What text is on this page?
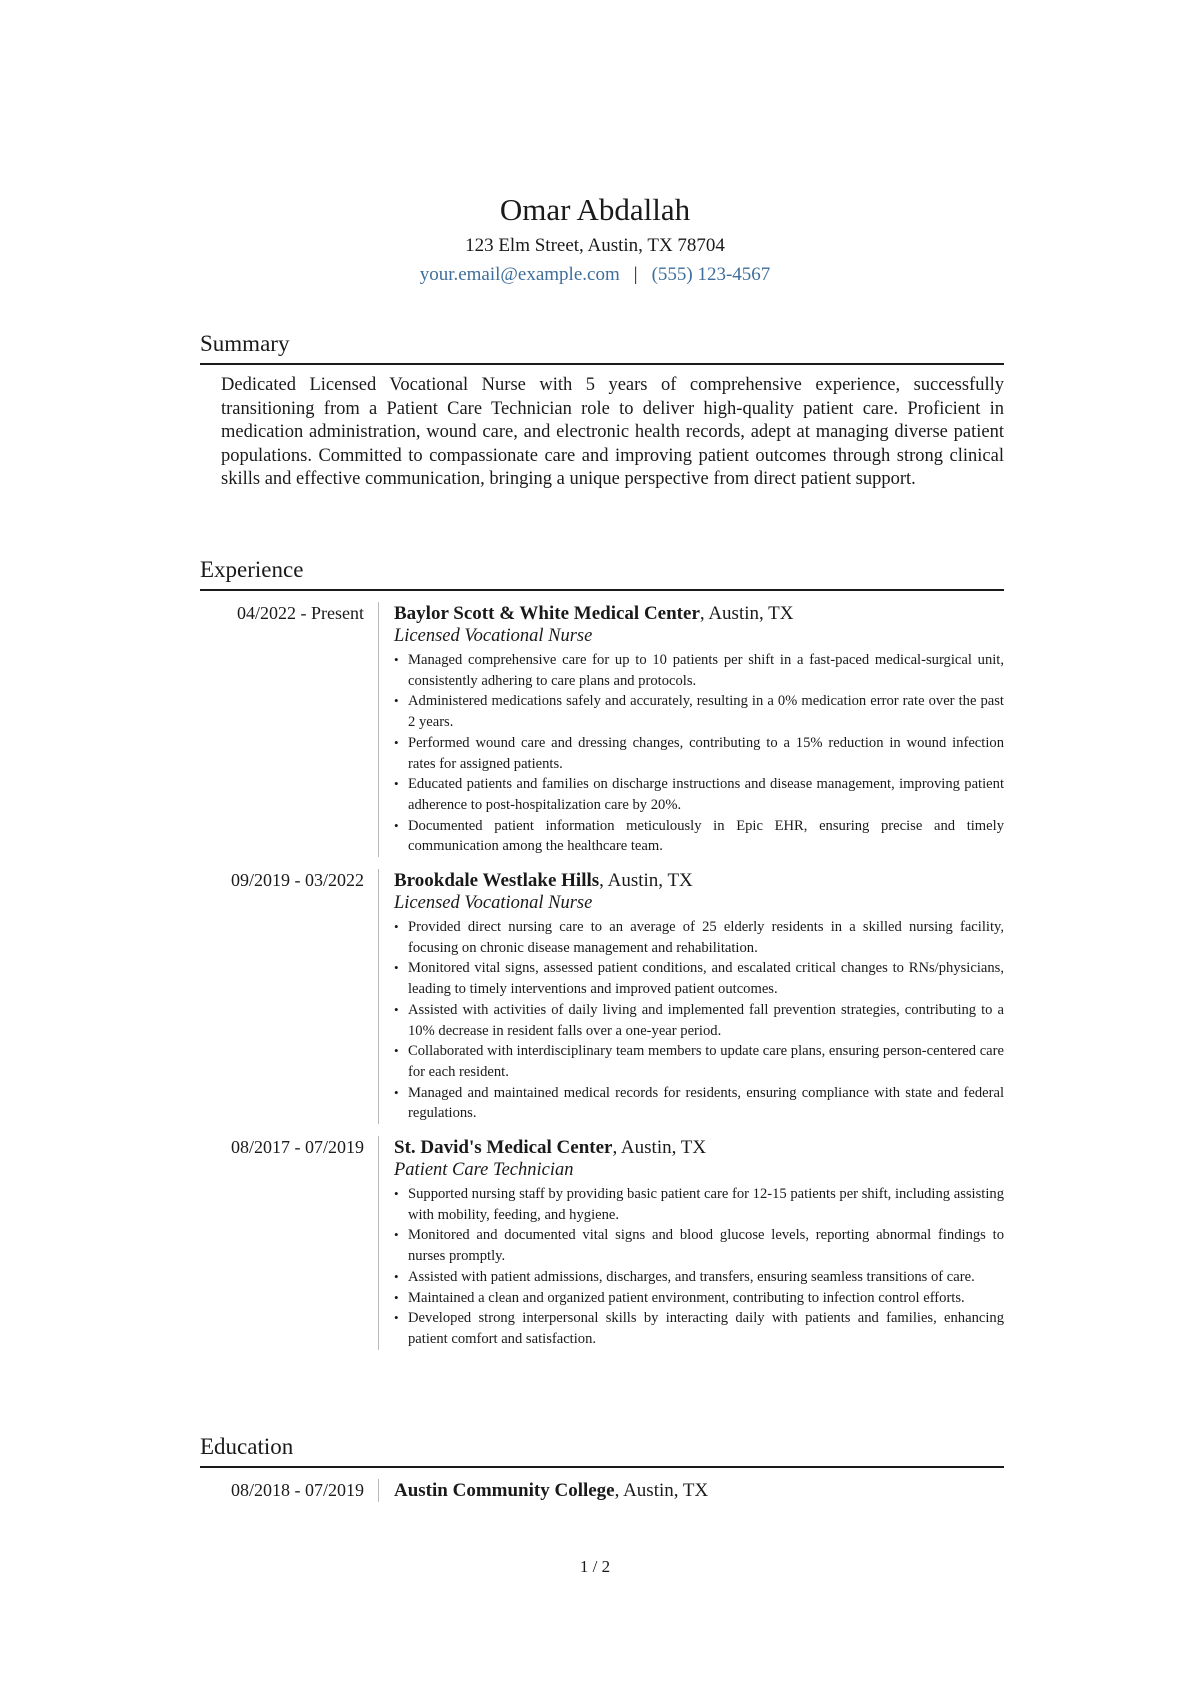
Omar Abdallah
123 Elm Street, Austin, TX 78704
your.email@example.com | (555) 123-4567
Summary

Dedicated Licensed Vocational Nurse with 5 years of comprehensive experience, successfully transitioning from a Patient Care Technician role to deliver high-quality patient care. Proficient in medication administration, wound care, and electronic health records, adept at managing diverse patient populations. Committed to compassionate care and improving patient outcomes through strong clinical skills and effective communication, bringing a unique perspective from direct patient support.

Experience
04/2022 - Present	Baylor Scott & White Medical Center, Austin, TX
Licensed Vocational Nurse
• Managed comprehensive care for up to 10 patients per shift in a fast-paced medical-surgical unit, consistently adhering to care plans and protocols.
• Administered medications safely and accurately, resulting in a 0% medication error rate over the past 2 years.
• Performed wound care and dressing changes, contributing to a 15% reduction in wound infection rates for assigned patients.
• Educated patients and families on discharge instructions and disease management, improving patient adherence to post-hospitalization care by 20%.
• Documented patient information meticulously in Epic EHR, ensuring precise and timely communication among the healthcare team.
09/2019 - 03/2022	Brookdale Westlake Hills, Austin, TX
Licensed Vocational Nurse
• Provided direct nursing care to an average of 25 elderly residents in a skilled nursing facility, focusing on chronic disease management and rehabilitation.
• Monitored vital signs, assessed patient conditions, and escalated critical changes to RNs/physicians, leading to timely interventions and improved patient outcomes.
• Assisted with activities of daily living and implemented fall prevention strategies, contributing to a 10% decrease in resident falls over a one-year period.
• Collaborated with interdisciplinary team members to update care plans, ensuring person-centered care for each resident.
• Managed and maintained medical records for residents, ensuring compliance with state and federal regulations.
08/2017 - 07/2019	St. David's Medical Center, Austin, TX
Patient Care Technician
• Supported nursing staff by providing basic patient care for 12-15 patients per shift, including assisting with mobility, feeding, and hygiene.
• Monitored and documented vital signs and blood glucose levels, reporting abnormal findings to nurses promptly.
• Assisted with patient admissions, discharges, and transfers, ensuring seamless transitions of care.
• Maintained a clean and organized patient environment, contributing to infection control efforts.
• Developed strong interpersonal skills by interacting daily with patients and families, enhancing patient comfort and satisfaction.
Education
08/2018 - 07/2019	Austin Community College, Austin, TX
1 / 2
